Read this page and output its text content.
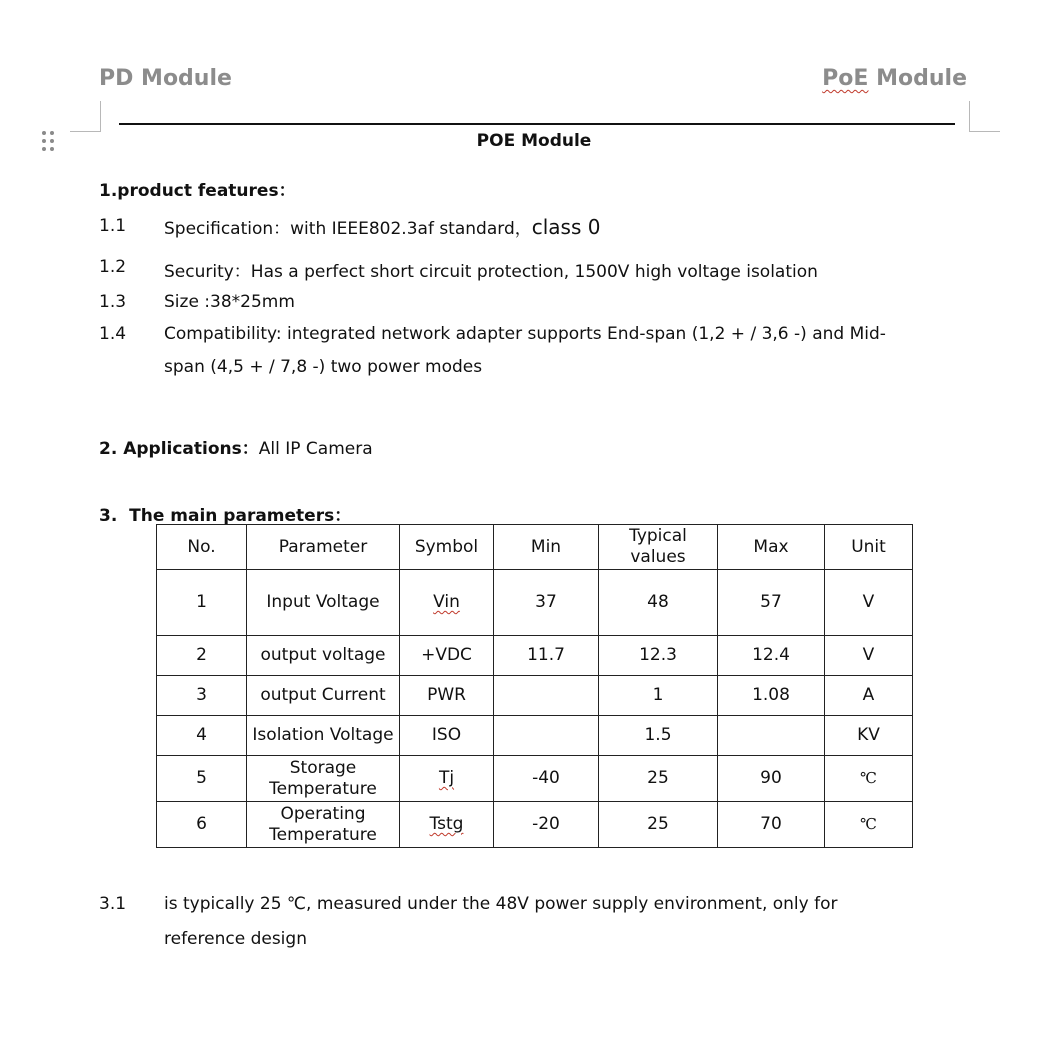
PD Module	PoE Module
POE Module
1.product features：
1.1 Specification：with IEEE802.3af standard，class 0
1.2 Security：Has a perfect short circuit protection, 1500V high voltage isolation
1.3 Size :38*25mm
1.4 Compatibility: integrated network adapter supports End-span (1,2 + / 3,6 -) and Mid-
span (4,5 + / 7,8 -) two power modes
2. Applications：All IP Camera
3.  The main parameters：
No.	Parameter	Symbol	Min	Typical values	Max	Unit
1	Input Voltage	Vin	37	48	57	V
2	output voltage	+VDC	11.7	12.3	12.4	V
3	output Current	PWR		1	1.08	A
4	Isolation Voltage	ISO		1.5		KV
5	Storage Temperature	Tj	-40	25	90	℃
6	Operating Temperature	Tstg	-20	25	70	℃
3.1 is typically 25 ℃, measured under the 48V power supply environment, only for
reference design
